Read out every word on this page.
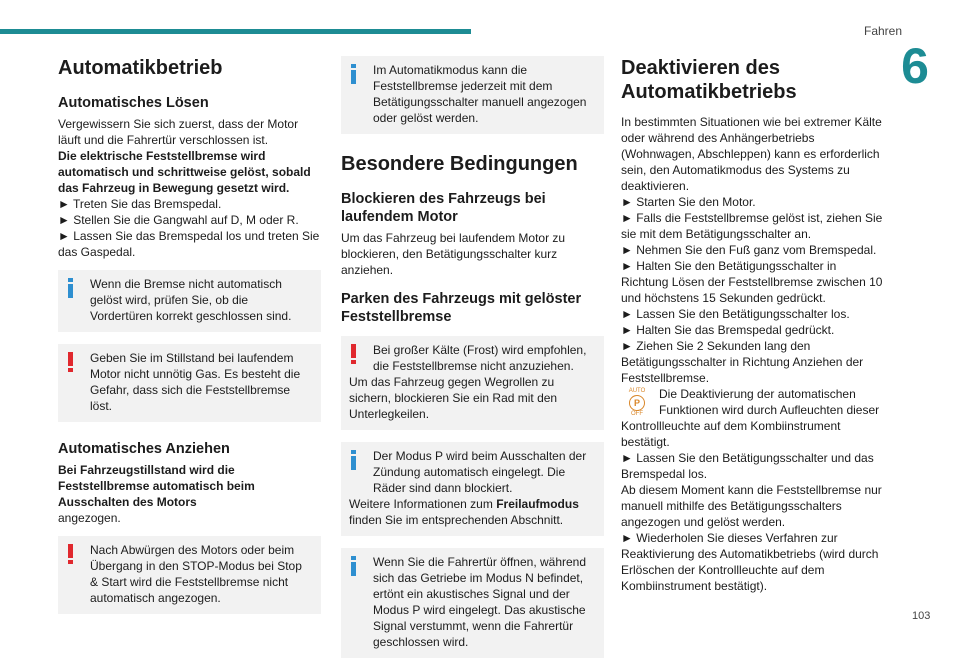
Fahren
6
Automatikbetrieb
Automatisches Lösen

Vergewissern Sie sich zuerst, dass der Motor läuft und die Fahrertür verschlossen ist.

Die elektrische Feststellbremse wird automatisch und schrittweise gelöst, sobald das Fahrzeug in Bewegung gesetzt wird.

► Treten Sie das Bremspedal.

► Stellen Sie die Gangwahl auf D, M oder R.

► Lassen Sie das Bremspedal los und treten Sie das Gaspedal.

Wenn die Bremse nicht automatisch gelöst wird, prüfen Sie, ob die Vordertüren korrekt geschlossen sind.

Geben Sie im Stillstand bei laufendem Motor nicht unnötig Gas. Es besteht die Gefahr, dass sich die Feststellbremse löst.

Automatisches Anziehen

Bei Fahrzeugstillstand wird die Feststellbremse automatisch beim Ausschalten des Motors

angezogen.

Nach Abwürgen des Motors oder beim Übergang in den STOP-Modus bei Stop & Start wird die Feststellbremse nicht automatisch angezogen.

Im Automatikmodus kann die Feststellbremse jederzeit mit dem Betätigungsschalter manuell angezogen oder gelöst werden.

Besondere Bedingungen
Blockieren des Fahrzeugs bei laufendem Motor

Um das Fahrzeug bei laufendem Motor zu blockieren, den Betätigungsschalter kurz anziehen.

Parken des Fahrzeugs mit gelöster Feststellbremse

Bei großer Kälte (Frost) wird empfohlen, die Feststellbremse nicht anzuziehen.

Um das Fahrzeug gegen Wegrollen zu sichern, blockieren Sie ein Rad mit den Unterlegkeilen.

Der Modus P wird beim Ausschalten der Zündung automatisch eingelegt. Die Räder sind dann blockiert.

Weitere Informationen zum Freilaufmodus finden Sie im entsprechenden Abschnitt.

Wenn Sie die Fahrertür öffnen, während sich das Getriebe im Modus N befindet, ertönt ein akustisches Signal und der Modus P wird eingelegt. Das akustische Signal verstummt, wenn die Fahrertür geschlossen wird.

Deaktivieren des Automatikbetriebs

In bestimmten Situationen wie bei extremer Kälte oder während des Anhängerbetriebs (Wohnwagen, Abschleppen) kann es erforderlich sein, den Automatikmodus des Systems zu deaktivieren.

► Starten Sie den Motor.

► Falls die Feststellbremse gelöst ist, ziehen Sie sie mit dem Betätigungsschalter an.

► Nehmen Sie den Fuß ganz vom Bremspedal.

► Halten Sie den Betätigungsschalter in Richtung Lösen der Feststellbremse zwischen 10 und höchstens 15 Sekunden gedrückt.

► Lassen Sie den Betätigungsschalter los.

► Halten Sie das Bremspedal gedrückt.

► Ziehen Sie 2 Sekunden lang den Betätigungsschalter in Richtung Anziehen der Feststellbremse.

AUTO
P
OFF

Die Deaktivierung der automatischen Funktionen wird durch Aufleuchten dieser Kontrollleuchte auf dem Kombiinstrument bestätigt.

► Lassen Sie den Betätigungsschalter und das Bremspedal los.

Ab diesem Moment kann die Feststellbremse nur manuell mithilfe des Betätigungsschalters angezogen und gelöst werden.

► Wiederholen Sie dieses Verfahren zur Reaktivierung des Automatikbetriebs (wird durch Erlöschen der Kontrollleuchte auf dem Kombiinstrument bestätigt).

103
